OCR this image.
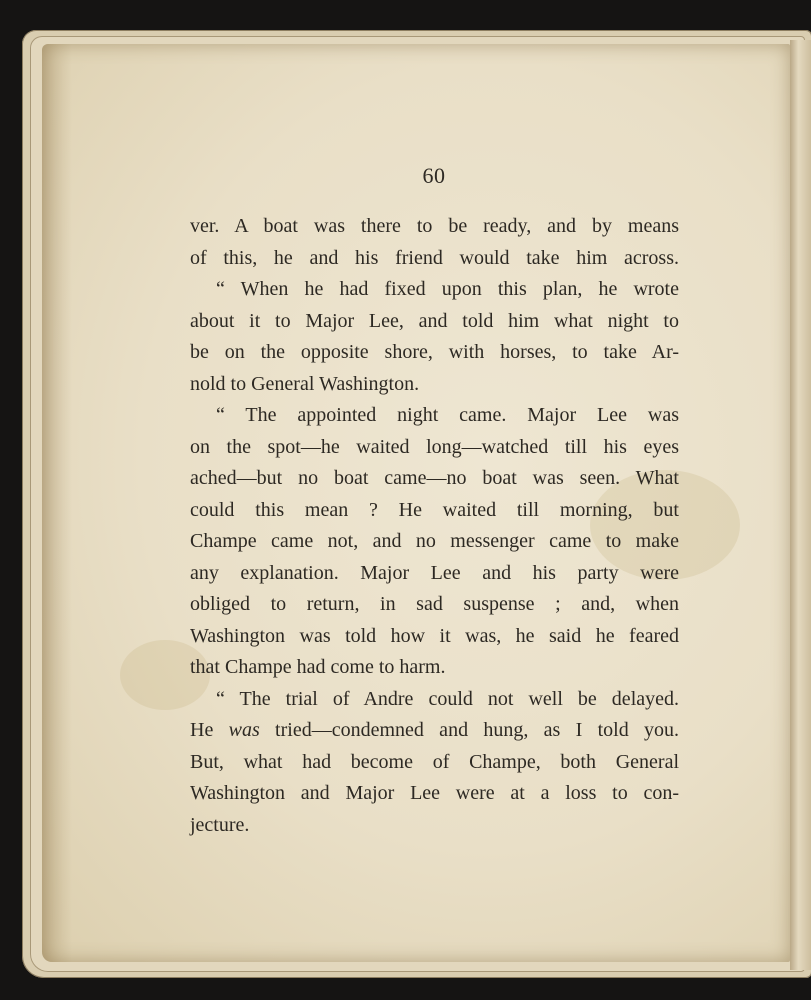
60
ver. A boat was there to be ready, and by means
of this, he and his friend would take him across.
“ When he had fixed upon this plan, he wrote
about it to Major Lee, and told him what night to
be on the opposite shore, with horses, to take Ar-
nold to General Washington.
“ The appointed night came. Major Lee was
on the spot—he waited long—watched till his eyes
ached—but no boat came—no boat was seen. What
could this mean ? He waited till morning, but
Champe came not, and no messenger came to make
any explanation. Major Lee and his party were
obliged to return, in sad suspense ; and, when
Washington was told how it was, he said he feared
that Champe had come to harm.
“ The trial of Andre could not well be delayed.
He was tried—condemned and hung, as I told you.
But, what had become of Champe, both General
Washington and Major Lee were at a loss to con-
jecture.
